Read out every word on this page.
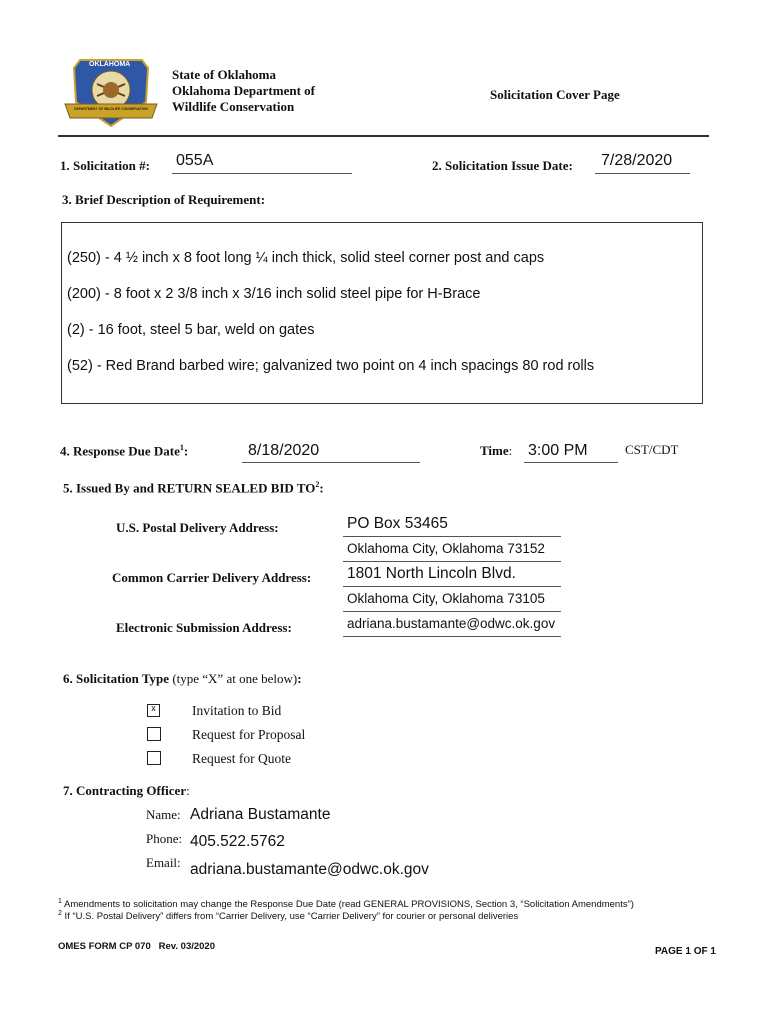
OKLAHOMA
DEPARTMENT OF WILDLIFE CONSERVATION
State of Oklahoma
Oklahoma Department of
Wildlife Conservation
Solicitation Cover Page
1. Solicitation #: 055A	2. Solicitation Issue Date: 7/28/2020
3. Brief Description of Requirement:
(250) - 4 ½ inch x 8 foot long ¼ inch thick, solid steel corner post and caps
(200) - 8 foot x 2 3/8 inch x 3/16 inch solid steel pipe for H-Brace
(2) - 16 foot, steel 5 bar, weld on gates
(52) - Red Brand barbed wire; galvanized two point on 4 inch spacings 80 rod rolls
4. Response Due Date$^1$:	8/18/2020	Time: 3:00 PM	CST/CDT
5. Issued By and RETURN SEALED BID $TO^2$:
U.S. Postal Delivery Address:	PO Box 53465
Oklahoma City, Oklahoma 73152
Common Carrier Delivery Address: 1801 North Lincoln Blvd.
Oklahoma City, Oklahoma 73105
Electronic Submission Address:	adriana.bustamante@odwc.ok.gov
6. Solicitation Type (type “X” at one below):
x	Invitation to Bid
Request for Proposal
Request for Quote
7. Contracting Officer:
Name: Adriana Bustamante
Phone: 405.522.5762
Email: adriana.bustamante@odwc.ok.gov
$^1$ Amendments to solicitation may change the Response Due Date (read GENERAL PROVISIONS, Section 3, “Solicitation Amendments”)
$^2$ If “U.S. Postal Delivery” differs from “Carrier Delivery, use “Carrier Delivery” for courier or personal deliveries
OMES FORM CP 070   Rev. 03/2020	PAGE 1 OF 1
